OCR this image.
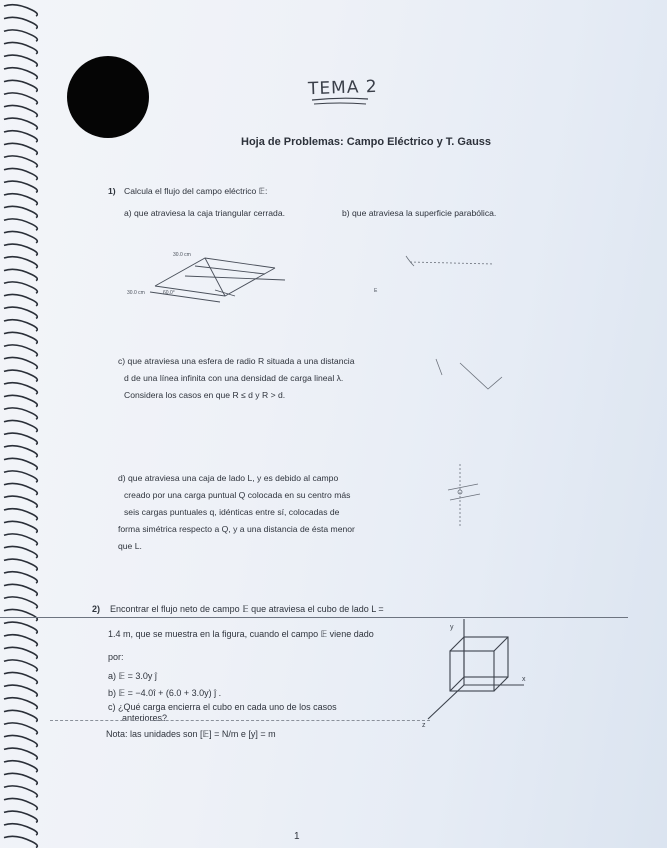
TEMA 2
Hoja de Problemas: Campo Eléctrico y T. Gauss
1) Calcula el flujo del campo eléctrico 𝔼:
a) que atraviesa la caja triangular cerrada.	b) que atraviesa la superficie parabólica.
30.0 cm
30.0 cm	60.0°	E
c) que atraviesa una esfera de radio R situada a una distancia
d de una línea infinita con una densidad de carga lineal λ.
Considera los casos en que R ≤ d y R > d.
d) que atraviesa una caja de lado L, y es debido al campo
creado por una carga puntual Q colocada en su centro más
seis cargas puntuales q, idénticas entre sí, colocadas de
forma simétrica respecto a Q, y a una distancia de ésta menor
que L.
2) Encontrar el flujo neto de campo 𝔼 que atraviesa el cubo de lado L =
1.4 m, que se muestra en la figura, cuando el campo 𝔼 viene dado
por:
a) 𝔼 = 3.0y ĵ
b) 𝔼 = −4.0î + (6.0 + 3.0y) ĵ .
c) ¿Qué carga encierra el cubo en cada uno de los casos
anteriores?
Nota: las unidades son [𝔼] = N/m e [y] = m
y
x
z
1
